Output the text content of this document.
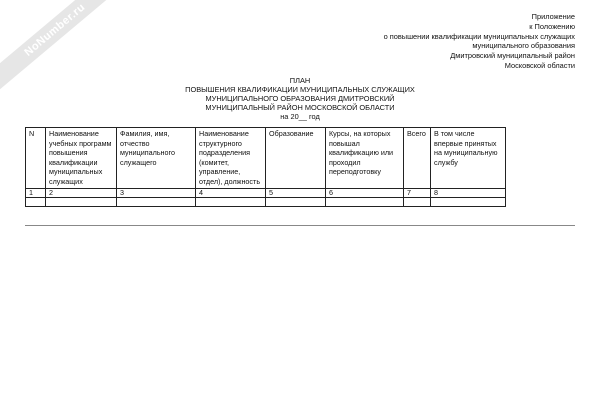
NoNumber.ru	Приложение
к Положению
о повышении квалификации муниципальных служащих
муниципального образования
Дмитровский муниципальный район
Московской области
ПЛАН
ПОВЫШЕНИЯ КВАЛИФИКАЦИИ МУНИЦИПАЛЬНЫХ СЛУЖАЩИХ
МУНИЦИПАЛЬНОГО ОБРАЗОВАНИЯ ДМИТРОВСКИЙ
МУНИЦИПАЛЬНЫЙ РАЙОН МОСКОВСКОЙ ОБЛАСТИ
на 20__ год
N	Наименование учебных программ повышения квалификации муниципальных служащих	Фамилия, имя, отчество муниципального служащего	Наименование структурного подразделения (комитет, управление, отдел), должность	Образование	Курсы, на которых повышал квалификацию или проходил переподготовку	Всего	В том числе впервые принятых на муниципальную службу
1	2	3	4	5	6	7	8
